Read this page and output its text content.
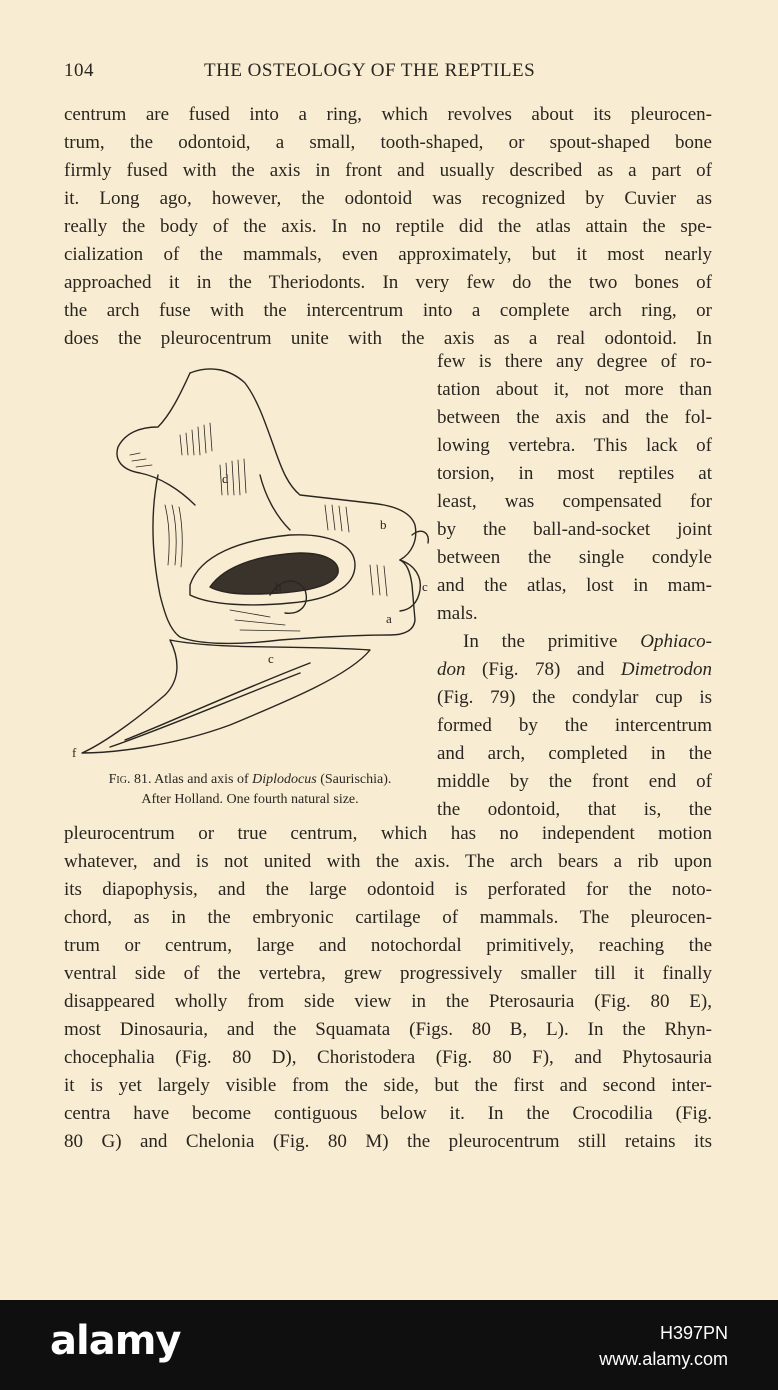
104	THE OSTEOLOGY OF THE REPTILES

centrum are fused into a ring, which revolves about its pleurocen-

trum, the odontoid, a small, tooth-shaped, or spout-shaped bone

firmly fused with the axis in front and usually described as a part of

it. Long ago, however, the odontoid was recognized by Cuvier as

really the body of the axis. In no reptile did the atlas attain the spe-

cialization of the mammals, even approximately, but it most nearly

approached it in the Theriodonts. In very few do the two bones of

the arch fuse with the intercentrum into a complete arch ring, or

does the pleurocentrum unite with the axis as a real odontoid. In

d
b
c
h
a
c
f

few is there any degree of ro-

tation about it, not more than

between the axis and the fol-

lowing vertebra. This lack of

torsion, in most reptiles at

least, was compensated for

by the ball-and-socket joint

between the single condyle

and the atlas, lost in mam-

mals.

In the primitive Ophiaco-

don (Fig. 78) and Dimetrodon

(Fig. 79) the condylar cup is

formed by the intercentrum

and arch, completed in the

middle by the front end of

the odontoid, that is, the

Fig. 81. Atlas and axis of Diplodocus (Saurischia).
After Holland. One fourth natural size.

pleurocentrum or true centrum, which has no independent motion

whatever, and is not united with the axis. The arch bears a rib upon

its diapophysis, and the large odontoid is perforated for the noto-

chord, as in the embryonic cartilage of mammals. The pleurocen-

trum or centrum, large and notochordal primitively, reaching the

ventral side of the vertebra, grew progressively smaller till it finally

disappeared wholly from side view in the Pterosauria (Fig. 80 E),

most Dinosauria, and the Squamata (Figs. 80 B, L). In the Rhyn-

chocephalia (Fig. 80 D), Choristodera (Fig. 80 F), and Phytosauria

it is yet largely visible from the side, but the first and second inter-

centra have become contiguous below it. In the Crocodilia (Fig.

80 G) and Chelonia (Fig. 80 M) the pleurocentrum still retains its

alamy	H397PN
www.alamy.com
